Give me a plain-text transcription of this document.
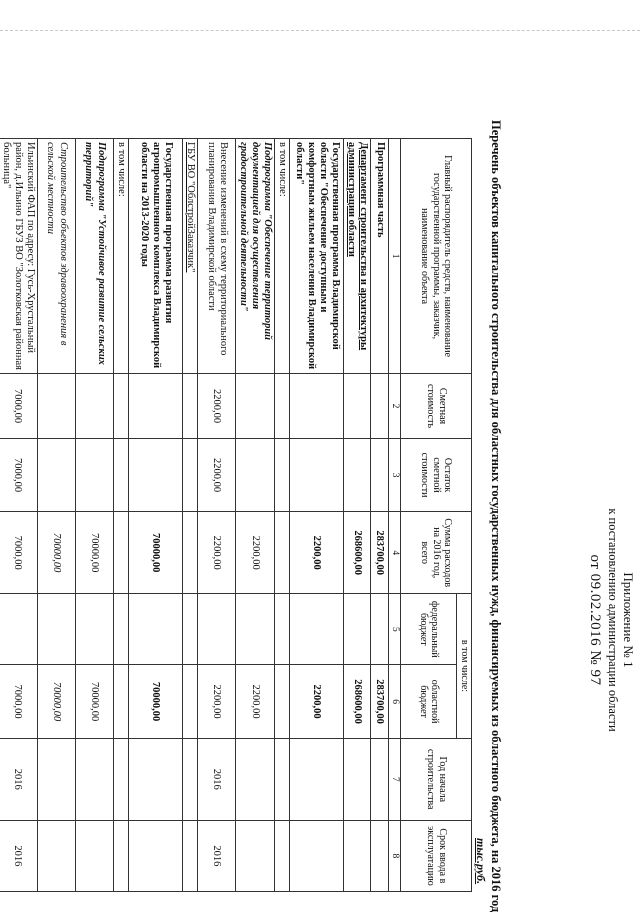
Приложение № 1
к постановлению администрации области
от 09.02.2016 № 97
Перечень объектов капитального строительства для областных государственных нужд, финансируемых из областного бюджета, на 2016 год
тыс.руб.
Главный распорядитель средств, наименование государственной программы, заказчик, наименование объекта	Сметная стоимость	Остаток сметной стоимости	Сумма расходов на 2016 год, всего	в том числе:		Год начала строительства	Срок ввода в эксплуатацию
				федеральный бюджет	областной бюджет		
1	2	3	4	5	6	7	8
Программная часть			283700,00		283700,00		
Департамент строительства и архитектуры администрации области			268600,00		268600,00		
Государственная программа Владимирской области "Обеспечение доступным и комфортным жильем населения Владимирской области"			2200,00		2200,00		
в том числе:							
Подпрограмма "Обеспечение территорий документацией для осуществления градостроительной деятельности"			2200,00		2200,00		
Внесение изменений в схему территориального планирования Владимирской области	2200,00	2200,00	2200,00		2200,00	2016	2016
ГБУ ВО "ОблстройЗаказчик"							
Государственная программа развития агропромышленного комплекса Владимирской области на 2013-2020 годы			70000,00		70000,00		
в том числе:							
Подпрограмма "Устойчивое развитие сельских территорий"			70000,00		70000,00		
Строительство объектов здравоохранения в сельской местности			70000,00		70000,00		
Ильинский ФАП по адресу: Гусь-Хрустальный район, д.Ильино ГБУЗ ВО "Золотковская районная больница"	7000,00	7000,00	7000,00		7000,00	2016	2016
